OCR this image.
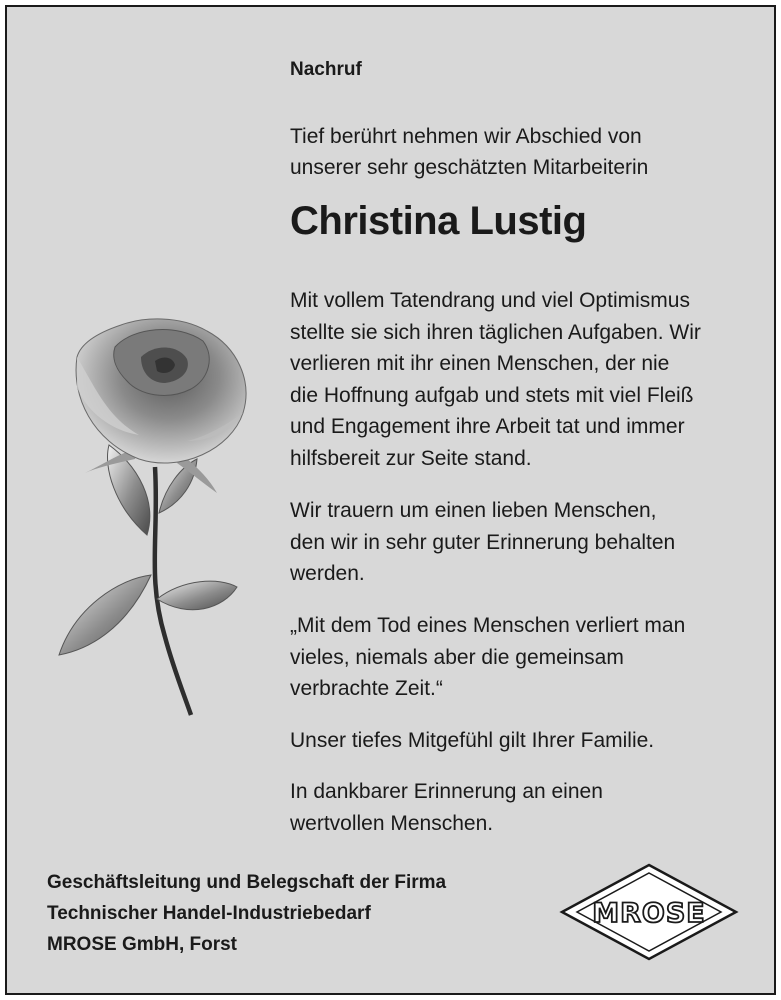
Nachruf

Tief berührt nehmen wir Abschied von
unserer sehr geschätzten Mitarbeiterin

Christina Lustig

Mit vollem Tatendrang und viel Optimismus
stellte sie sich ihren täglichen Aufgaben. Wir
verlieren mit ihr einen Menschen, der nie
die Hoffnung aufgab und stets mit viel Fleiß
und Engagement ihre Arbeit tat und immer
hilfsbereit zur Seite stand.

Wir trauern um einen lieben Menschen,
den wir in sehr guter Erinnerung behalten
werden.

„Mit dem Tod eines Menschen verliert man
vieles, niemals aber die gemeinsam
verbrachte Zeit.“

Unser tiefes Mitgefühl gilt Ihrer Familie.

In dankbarer Erinnerung an einen
wertvollen Menschen.

Geschäftsleitung und Belegschaft der Firma
Technischer Handel-Industriebedarf
MROSE GmbH, Forst

MROSE
